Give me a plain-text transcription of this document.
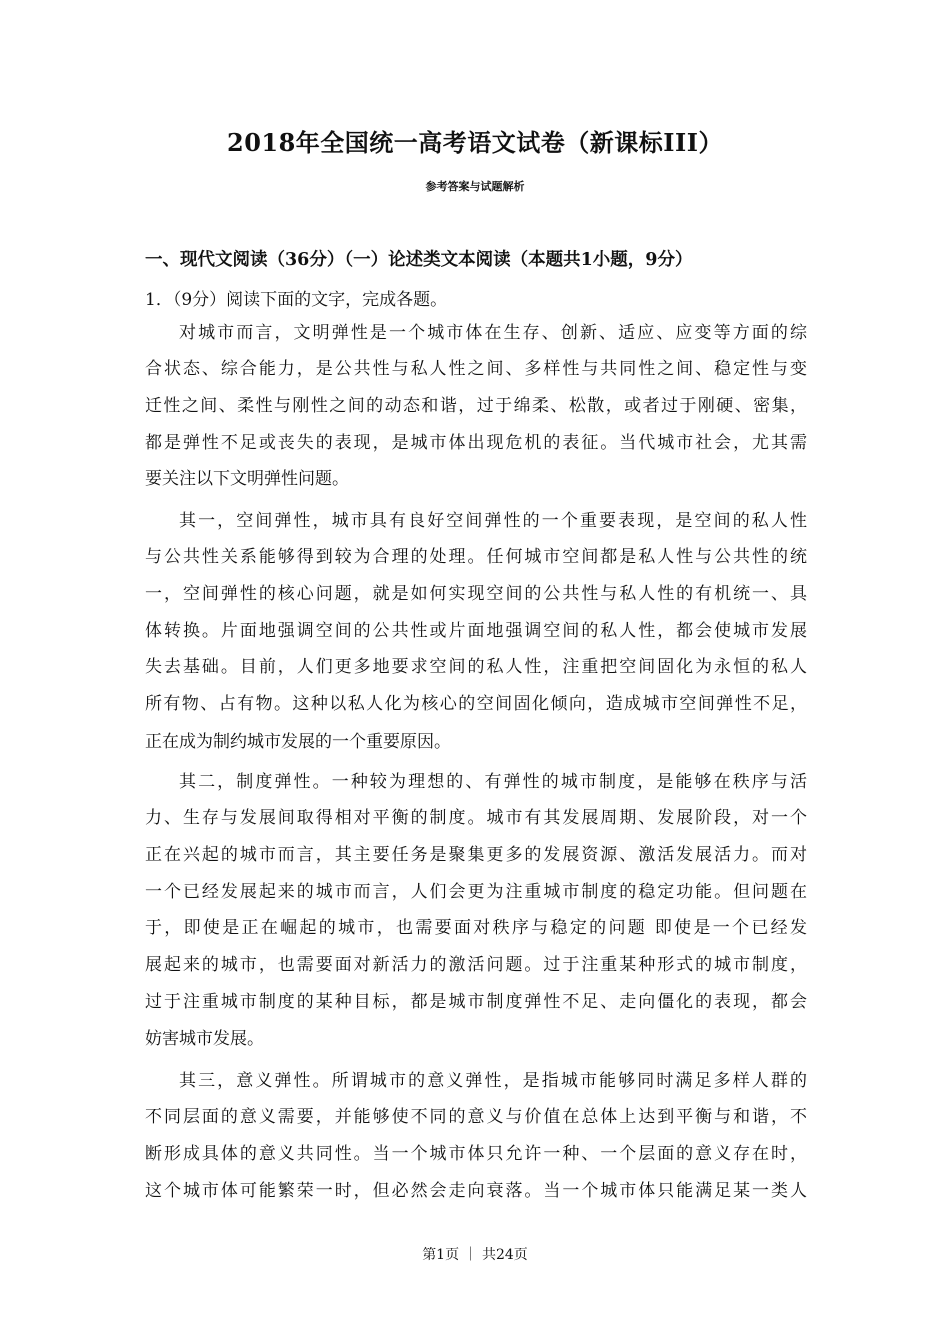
2018年全国统一高考语文试卷（新课标III）
参考答案与试题解析
一、现代文阅读（36分）（一）论述类文本阅读（本题共1小题，9分）
1．（9分）阅读下面的文字，完成各题。
对城市而言，文明弹性是一个城市体在生存、创新、适应、应变等方面的综
合状态、综合能力，是公共性与私人性之间、多样性与共同性之间、稳定性与变
迁性之间、柔性与刚性之间的动态和谐，过于绵柔、松散，或者过于刚硬、密集，
都是弹性不足或丧失的表现，是城市体出现危机的表征。当代城市社会，尤其需
要关注以下文明弹性问题。
其一，空间弹性，城市具有良好空间弹性的一个重要表现，是空间的私人性
与公共性关系能够得到较为合理的处理。任何城市空间都是私人性与公共性的统
一，空间弹性的核心问题，就是如何实现空间的公共性与私人性的有机统一、具
体转换。片面地强调空间的公共性或片面地强调空间的私人性，都会使城市发展
失去基础。目前，人们更多地要求空间的私人性，注重把空间固化为永恒的私人
所有物、占有物。这种以私人化为核心的空间固化倾向，造成城市空间弹性不足，
正在成为制约城市发展的一个重要原因。
其二，制度弹性。一种较为理想的、有弹性的城市制度，是能够在秩序与活
力、生存与发展间取得相对平衡的制度。城市有其发展周期、发展阶段，对一个
正在兴起的城市而言，其主要任务是聚集更多的发展资源、激活发展活力。而对
一个已经发展起来的城市而言，人们会更为注重城市制度的稳定功能。但问题在
于，即使是正在崛起的城市，也需要面对秩序与稳定的问题 即使是一个已经发
展起来的城市，也需要面对新活力的激活问题。过于注重某种形式的城市制度，
过于注重城市制度的某种目标，都是城市制度弹性不足、走向僵化的表现，都会
妨害城市发展。
其三，意义弹性。所谓城市的意义弹性，是指城市能够同时满足多样人群的
不同层面的意义需要，并能够使不同的意义与价值在总体上达到平衡与和谐，不
断形成具体的意义共同性。当一个城市体只允许一种、一个层面的意义存在时，
这个城市体可能繁荣一时，但必然会走向衰落。当一个城市体只能满足某一类人
第1页 ｜ 共24页
